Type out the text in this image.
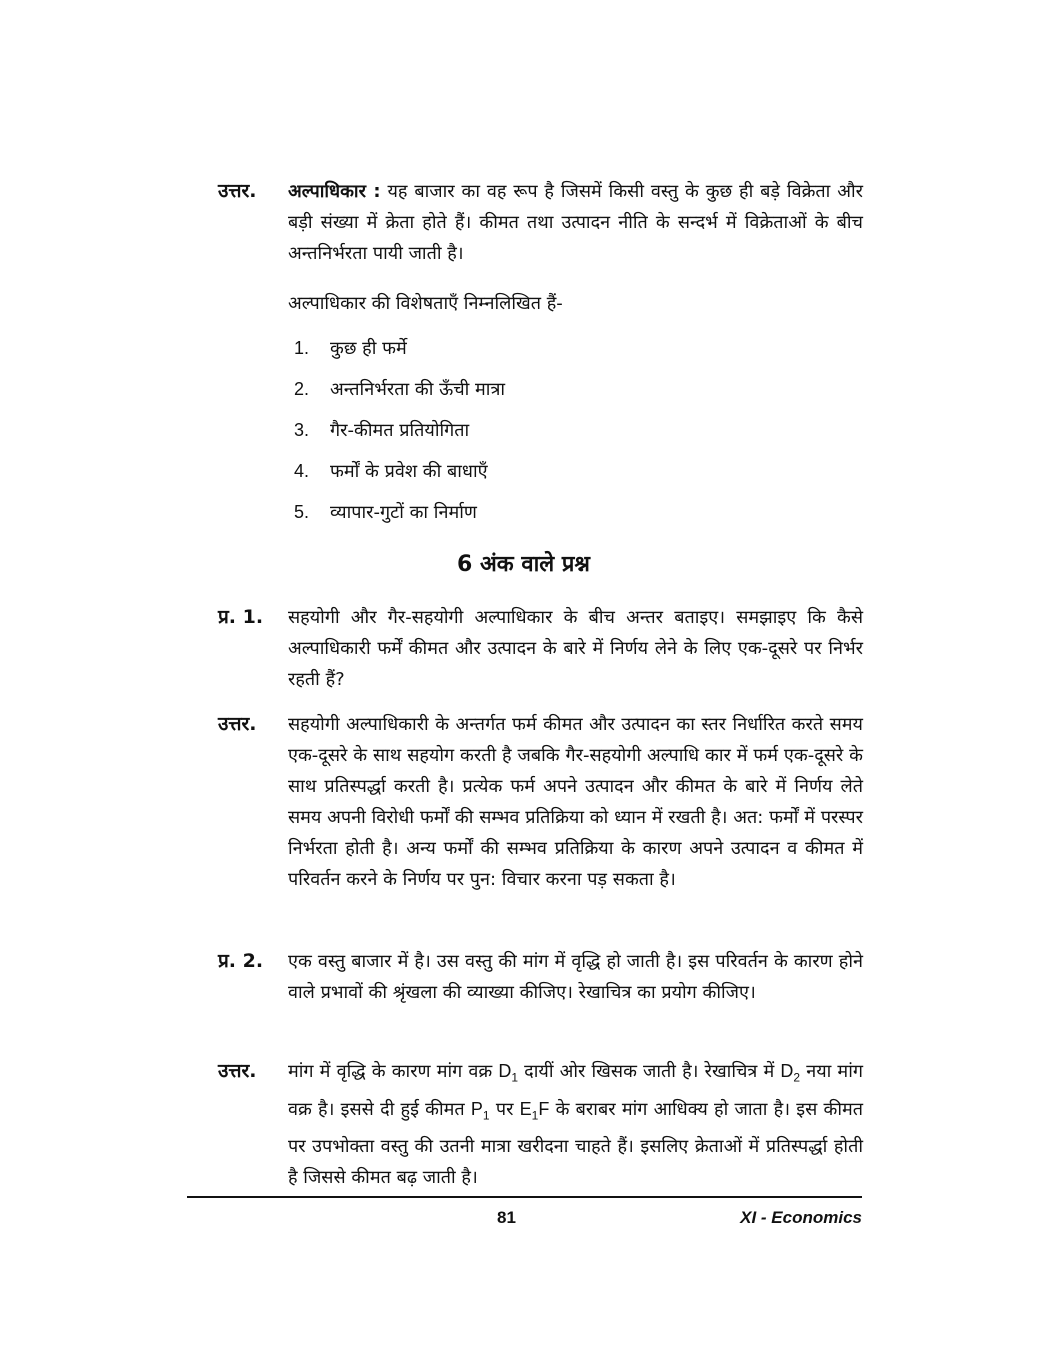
उत्तर. अल्पाधिकार : यह बाजार का वह रूप है जिसमें किसी वस्तु के कुछ ही बड़े विक्रेता और बड़ी संख्या में क्रेता होते हैं। कीमत तथा उत्पादन नीति के सन्दर्भ में विक्रेताओं के बीच अन्तनिर्भरता पायी जाती है।
अल्पाधिकार की विशेषताएँ निम्नलिखित हैं-
1. कुछ ही फर्मे
2. अन्तनिर्भरता की ऊँची मात्रा
3. गैर-कीमत प्रतियोगिता
4. फर्मों के प्रवेश की बाधाएँ
5. व्यापार-गुटों का निर्माण
6 अंक वाले प्रश्न
प्र. 1. सहयोगी और गैर-सहयोगी अल्पाधिकार के बीच अन्तर बताइए। समझाइए कि कैसे अल्पाधिकारी फर्में कीमत और उत्पादन के बारे में निर्णय लेने के लिए एक-दूसरे पर निर्भर रहती हैं?
उत्तर. सहयोगी अल्पाधिकारी के अन्तर्गत फर्म कीमत और उत्पादन का स्तर निर्धारित करते समय एक-दूसरे के साथ सहयोग करती है जबकि गैर-सहयोगी अल्पाधि कार में फर्म एक-दूसरे के साथ प्रतिस्पर्द्धा करती है। प्रत्येक फर्म अपने उत्पादन और कीमत के बारे में निर्णय लेते समय अपनी विरोधी फर्मों की सम्भव प्रतिक्रिया को ध्यान में रखती है। अत: फर्मों में परस्पर निर्भरता होती है। अन्य फर्मों की सम्भव प्रतिक्रिया के कारण अपने उत्पादन व कीमत में परिवर्तन करने के निर्णय पर पुन: विचार करना पड़ सकता है।
प्र. 2. एक वस्तु बाजार में है। उस वस्तु की मांग में वृद्धि हो जाती है। इस परिवर्तन के कारण होने वाले प्रभावों की श्रृंखला की व्याख्या कीजिए। रेखाचित्र का प्रयोग कीजिए।
उत्तर. मांग में वृद्धि के कारण मांग वक्र $D_1$ दायीं ओर खिसक जाती है। रेखाचित्र में $D_2$ नया मांग वक्र है। इससे दी हुई कीमत $P_1$ पर $E_1F$ के बराबर मांग आधिक्य हो जाता है। इस कीमत पर उपभोक्ता वस्तु की उतनी मात्रा खरीदना चाहते हैं। इसलिए क्रेताओं में प्रतिस्पर्द्धा होती है जिससे कीमत बढ़ जाती है।
81	XI - Economics
